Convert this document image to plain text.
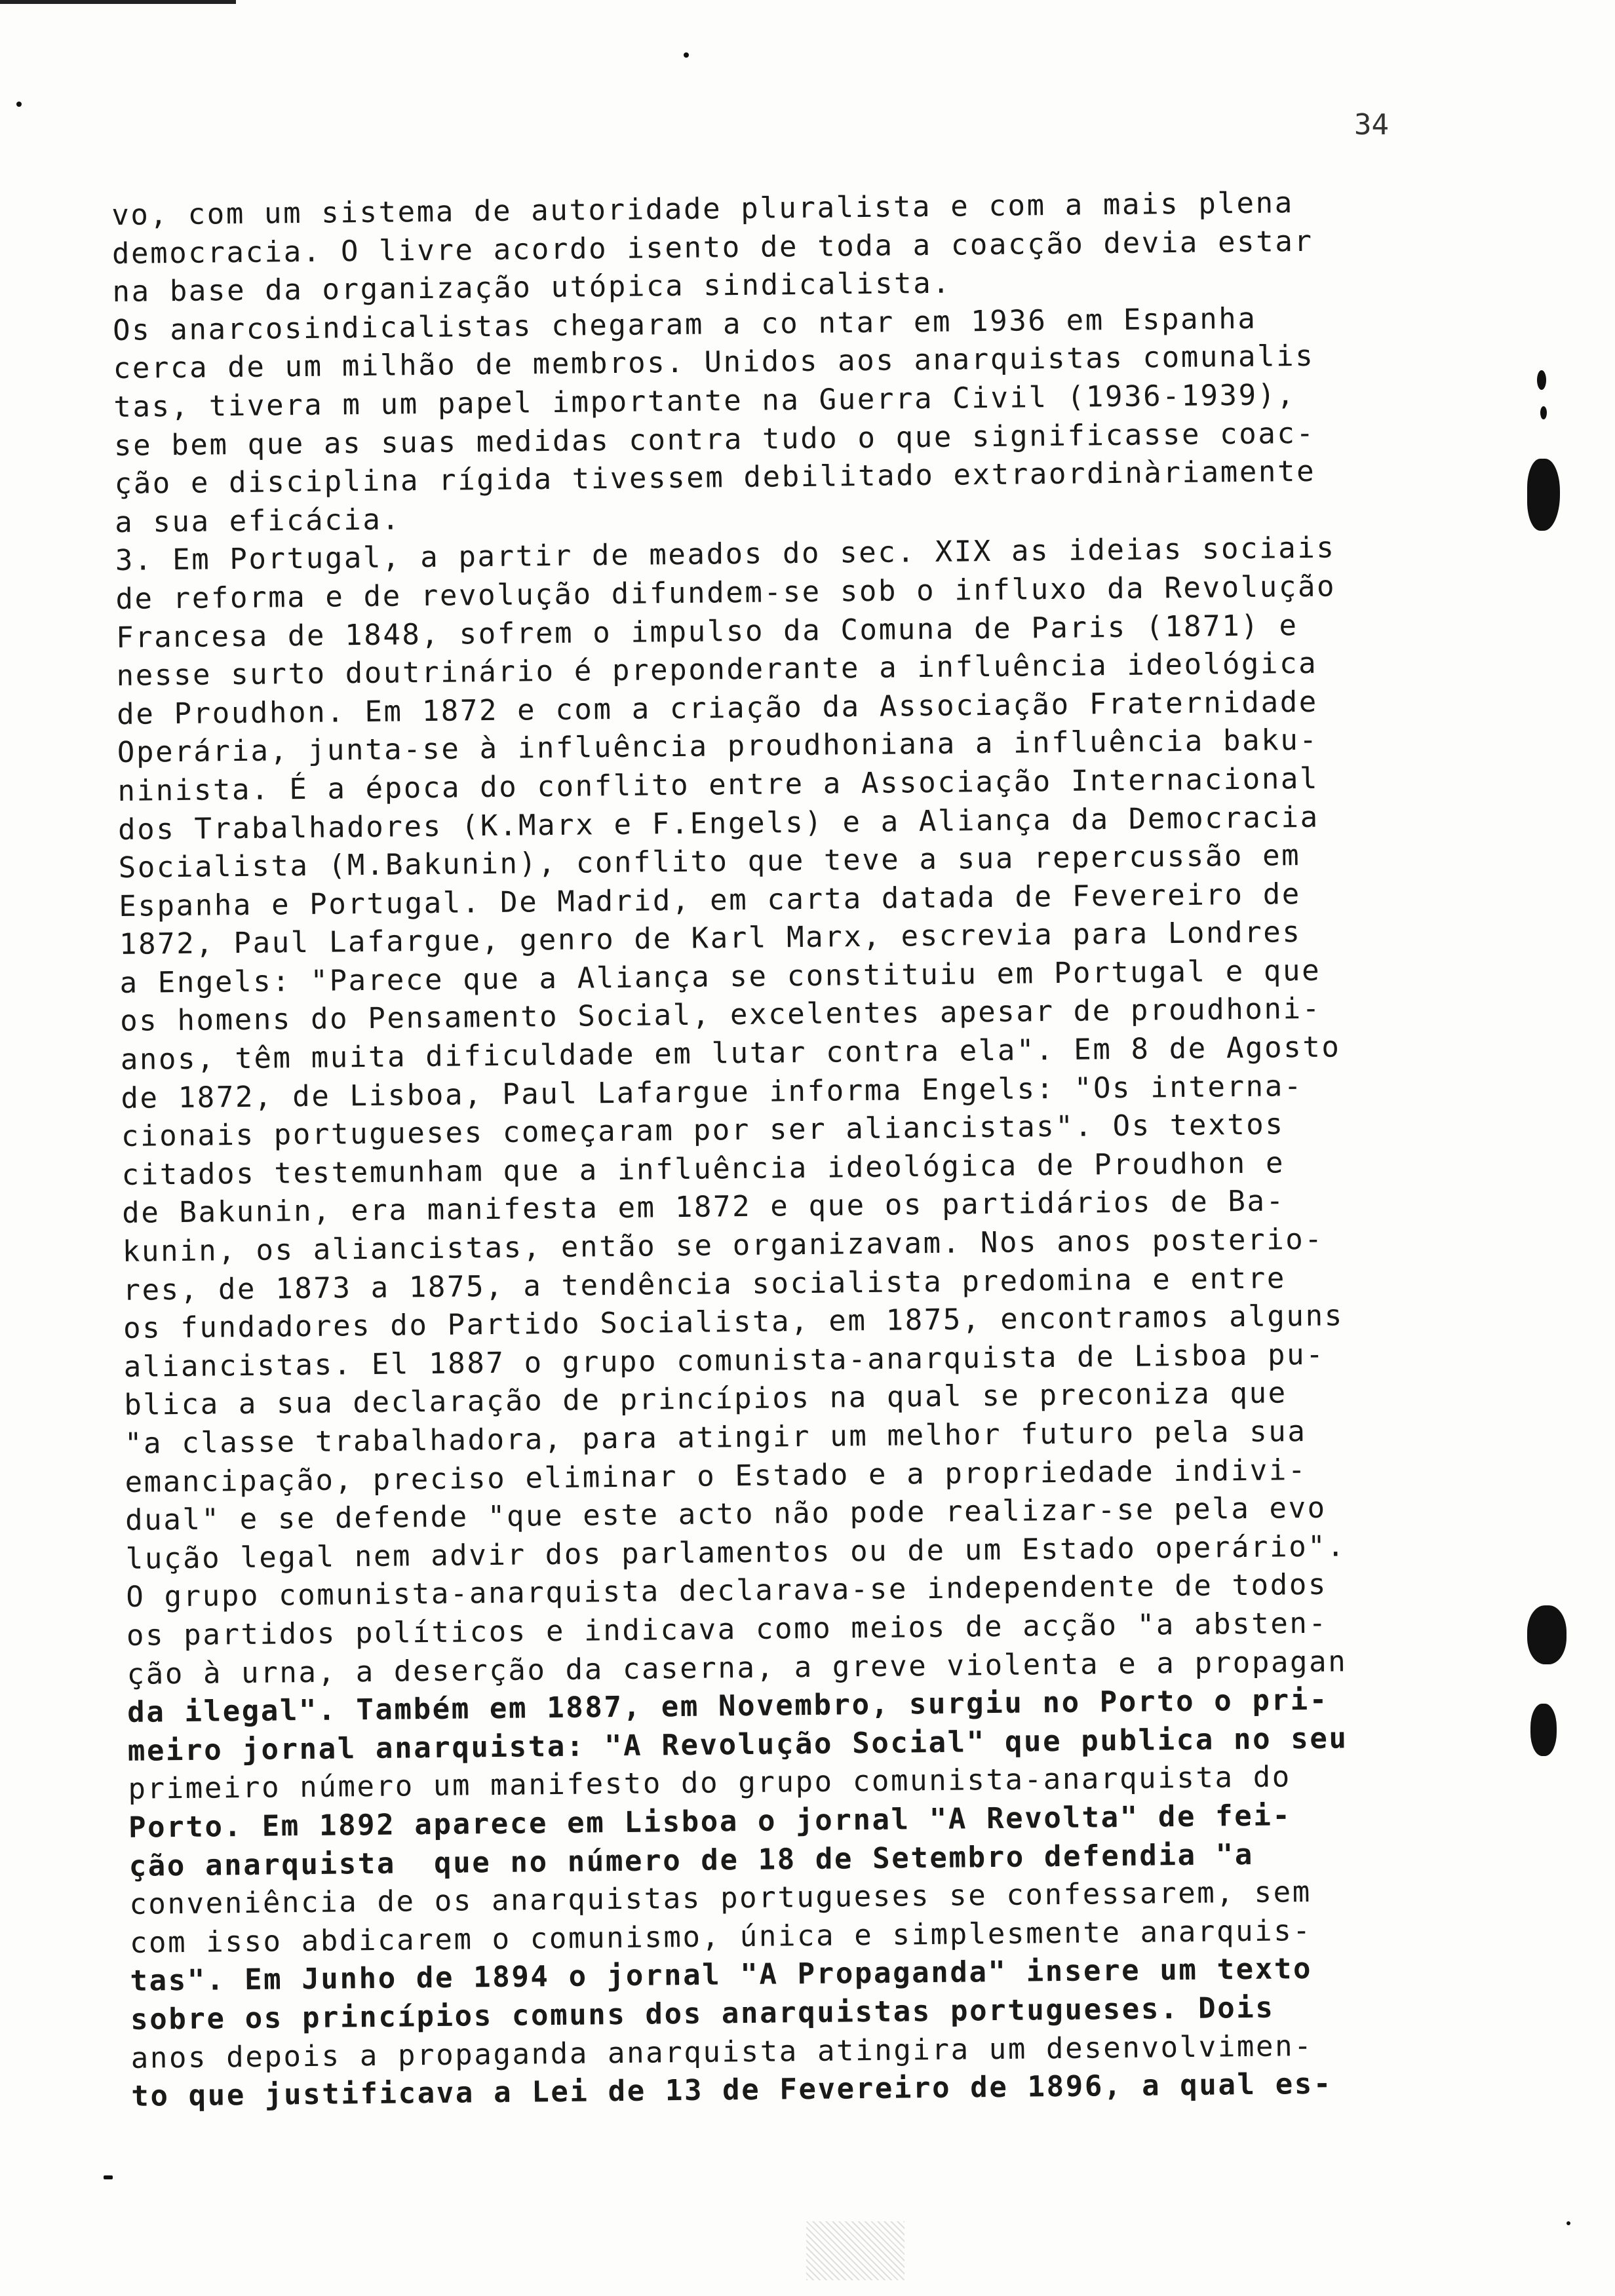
34
vo, com um sistema de autoridade pluralista e com a mais plena
democracia. O livre acordo isento de toda a coacção devia estar
na base da organização utópica sindicalista.
Os anarcosindicalistas chegaram a co ntar em 1936 em Espanha
cerca de um milhão de membros. Unidos aos anarquistas comunalis
tas, tivera m um papel importante na Guerra Civil (1936-1939),
se bem que as suas medidas contra tudo o que significasse coac-
ção e disciplina rígida tivessem debilitado extraordinàriamente
a sua eficácia.
3. Em Portugal, a partir de meados do sec. XIX as ideias sociais
de reforma e de revolução difundem-se sob o influxo da Revolução
Francesa de 1848, sofrem o impulso da Comuna de Paris (1871) e
nesse surto doutrinário é preponderante a influência ideológica
de Proudhon. Em 1872 e com a criação da Associação Fraternidade
Operária, junta-se à influência proudhoniana a influência baku-
ninista. É a época do conflito entre a Associação Internacional
dos Trabalhadores (K.Marx e F.Engels) e a Aliança da Democracia
Socialista (M.Bakunin), conflito que teve a sua repercussão em
Espanha e Portugal. De Madrid, em carta datada de Fevereiro de
1872, Paul Lafargue, genro de Karl Marx, escrevia para Londres
a Engels: "Parece que a Aliança se constituiu em Portugal e que
os homens do Pensamento Social, excelentes apesar de proudhoni-
anos, têm muita dificuldade em lutar contra ela". Em 8 de Agosto
de 1872, de Lisboa, Paul Lafargue informa Engels: "Os interna-
cionais portugueses começaram por ser aliancistas". Os textos
citados testemunham que a influência ideológica de Proudhon e
de Bakunin, era manifesta em 1872 e que os partidários de Ba-
kunin, os aliancistas, então se organizavam. Nos anos posterio-
res, de 1873 a 1875, a tendência socialista predomina e entre
os fundadores do Partido Socialista, em 1875, encontramos alguns
aliancistas. El 1887 o grupo comunista-anarquista de Lisboa pu-
blica a sua declaração de princípios na qual se preconiza que
"a classe trabalhadora, para atingir um melhor futuro pela sua
emancipação, preciso eliminar o Estado e a propriedade indivi-
dual" e se defende "que este acto não pode realizar-se pela evo
lução legal nem advir dos parlamentos ou de um Estado operário".
O grupo comunista-anarquista declarava-se independente de todos
os partidos políticos e indicava como meios de acção "a absten-
ção à urna, a deserção da caserna, a greve violenta e a propagan
da ilegal". Também em 1887, em Novembro, surgiu no Porto o pri-
meiro jornal anarquista: "A Revolução Social" que publica no seu
primeiro número um manifesto do grupo comunista-anarquista do
Porto. Em 1892 aparece em Lisboa o jornal "A Revolta" de fei-
ção anarquista  que no número de 18 de Setembro defendia "a
conveniência de os anarquistas portugueses se confessarem, sem
com isso abdicarem o comunismo, única e simplesmente anarquis-
tas". Em Junho de 1894 o jornal "A Propaganda" insere um texto
sobre os princípios comuns dos anarquistas portugueses. Dois
anos depois a propaganda anarquista atingira um desenvolvimen-
to que justificava a Lei de 13 de Fevereiro de 1896, a qual es-
